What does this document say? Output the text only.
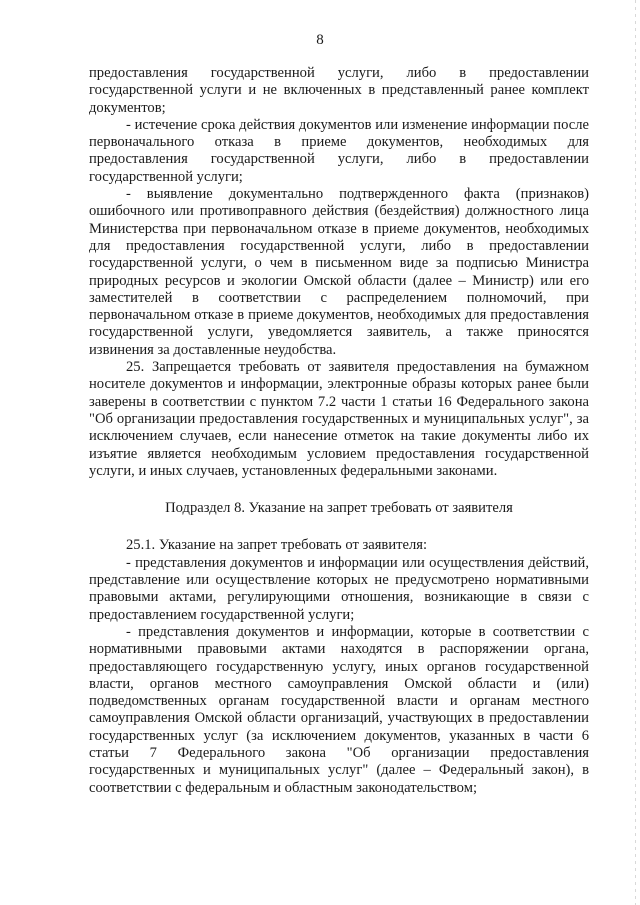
8

предоставления государственной услуги, либо в предоставлении государственной услуги и не включенных в представленный ранее комплект документов;

- истечение срока действия документов или изменение информации после первоначального отказа в приеме документов, необходимых для предоставления государственной услуги, либо в предоставлении государственной услуги;

- выявление документально подтвержденного факта (признаков) ошибочного или противоправного действия (бездействия) должностного лица Министерства при первоначальном отказе в приеме документов, необходимых для предоставления государственной услуги, либо в предоставлении государственной услуги, о чем в письменном виде за подписью Министра природных ресурсов и экологии Омской области (далее – Министр) или его заместителей в соответствии с распределением полномочий, при первоначальном отказе в приеме документов, необходимых для предоставления государственной услуги, уведомляется заявитель, а также приносятся извинения за доставленные неудобства.

25. Запрещается требовать от заявителя предоставления на бумажном носителе документов и информации, электронные образы которых ранее были заверены в соответствии с пунктом 7.2 части 1 статьи 16 Федерального закона "Об организации предоставления государственных и муниципальных услуг", за исключением случаев, если нанесение отметок на такие документы либо их изъятие является необходимым условием предоставления государственной услуги, и иных случаев, установленных федеральными законами.

Подраздел 8. Указание на запрет требовать от заявителя

25.1. Указание на запрет требовать от заявителя:

- представления документов и информации или осуществления действий, представление или осуществление которых не предусмотрено нормативными правовыми актами, регулирующими отношения, возникающие в связи с предоставлением государственной услуги;

- представления документов и информации, которые в соответствии с нормативными правовыми актами находятся в распоряжении органа, предоставляющего государственную услугу, иных органов государственной власти, органов местного самоуправления Омской области и (или) подведомственных органам государственной власти и органам местного самоуправления Омской области организаций, участвующих в предоставлении государственных услуг (за исключением документов, указанных в части 6 статьи 7 Федерального закона "Об организации предоставления государственных и муниципальных услуг" (далее – Федеральный закон), в соответствии с федеральным и областным законодательством;
